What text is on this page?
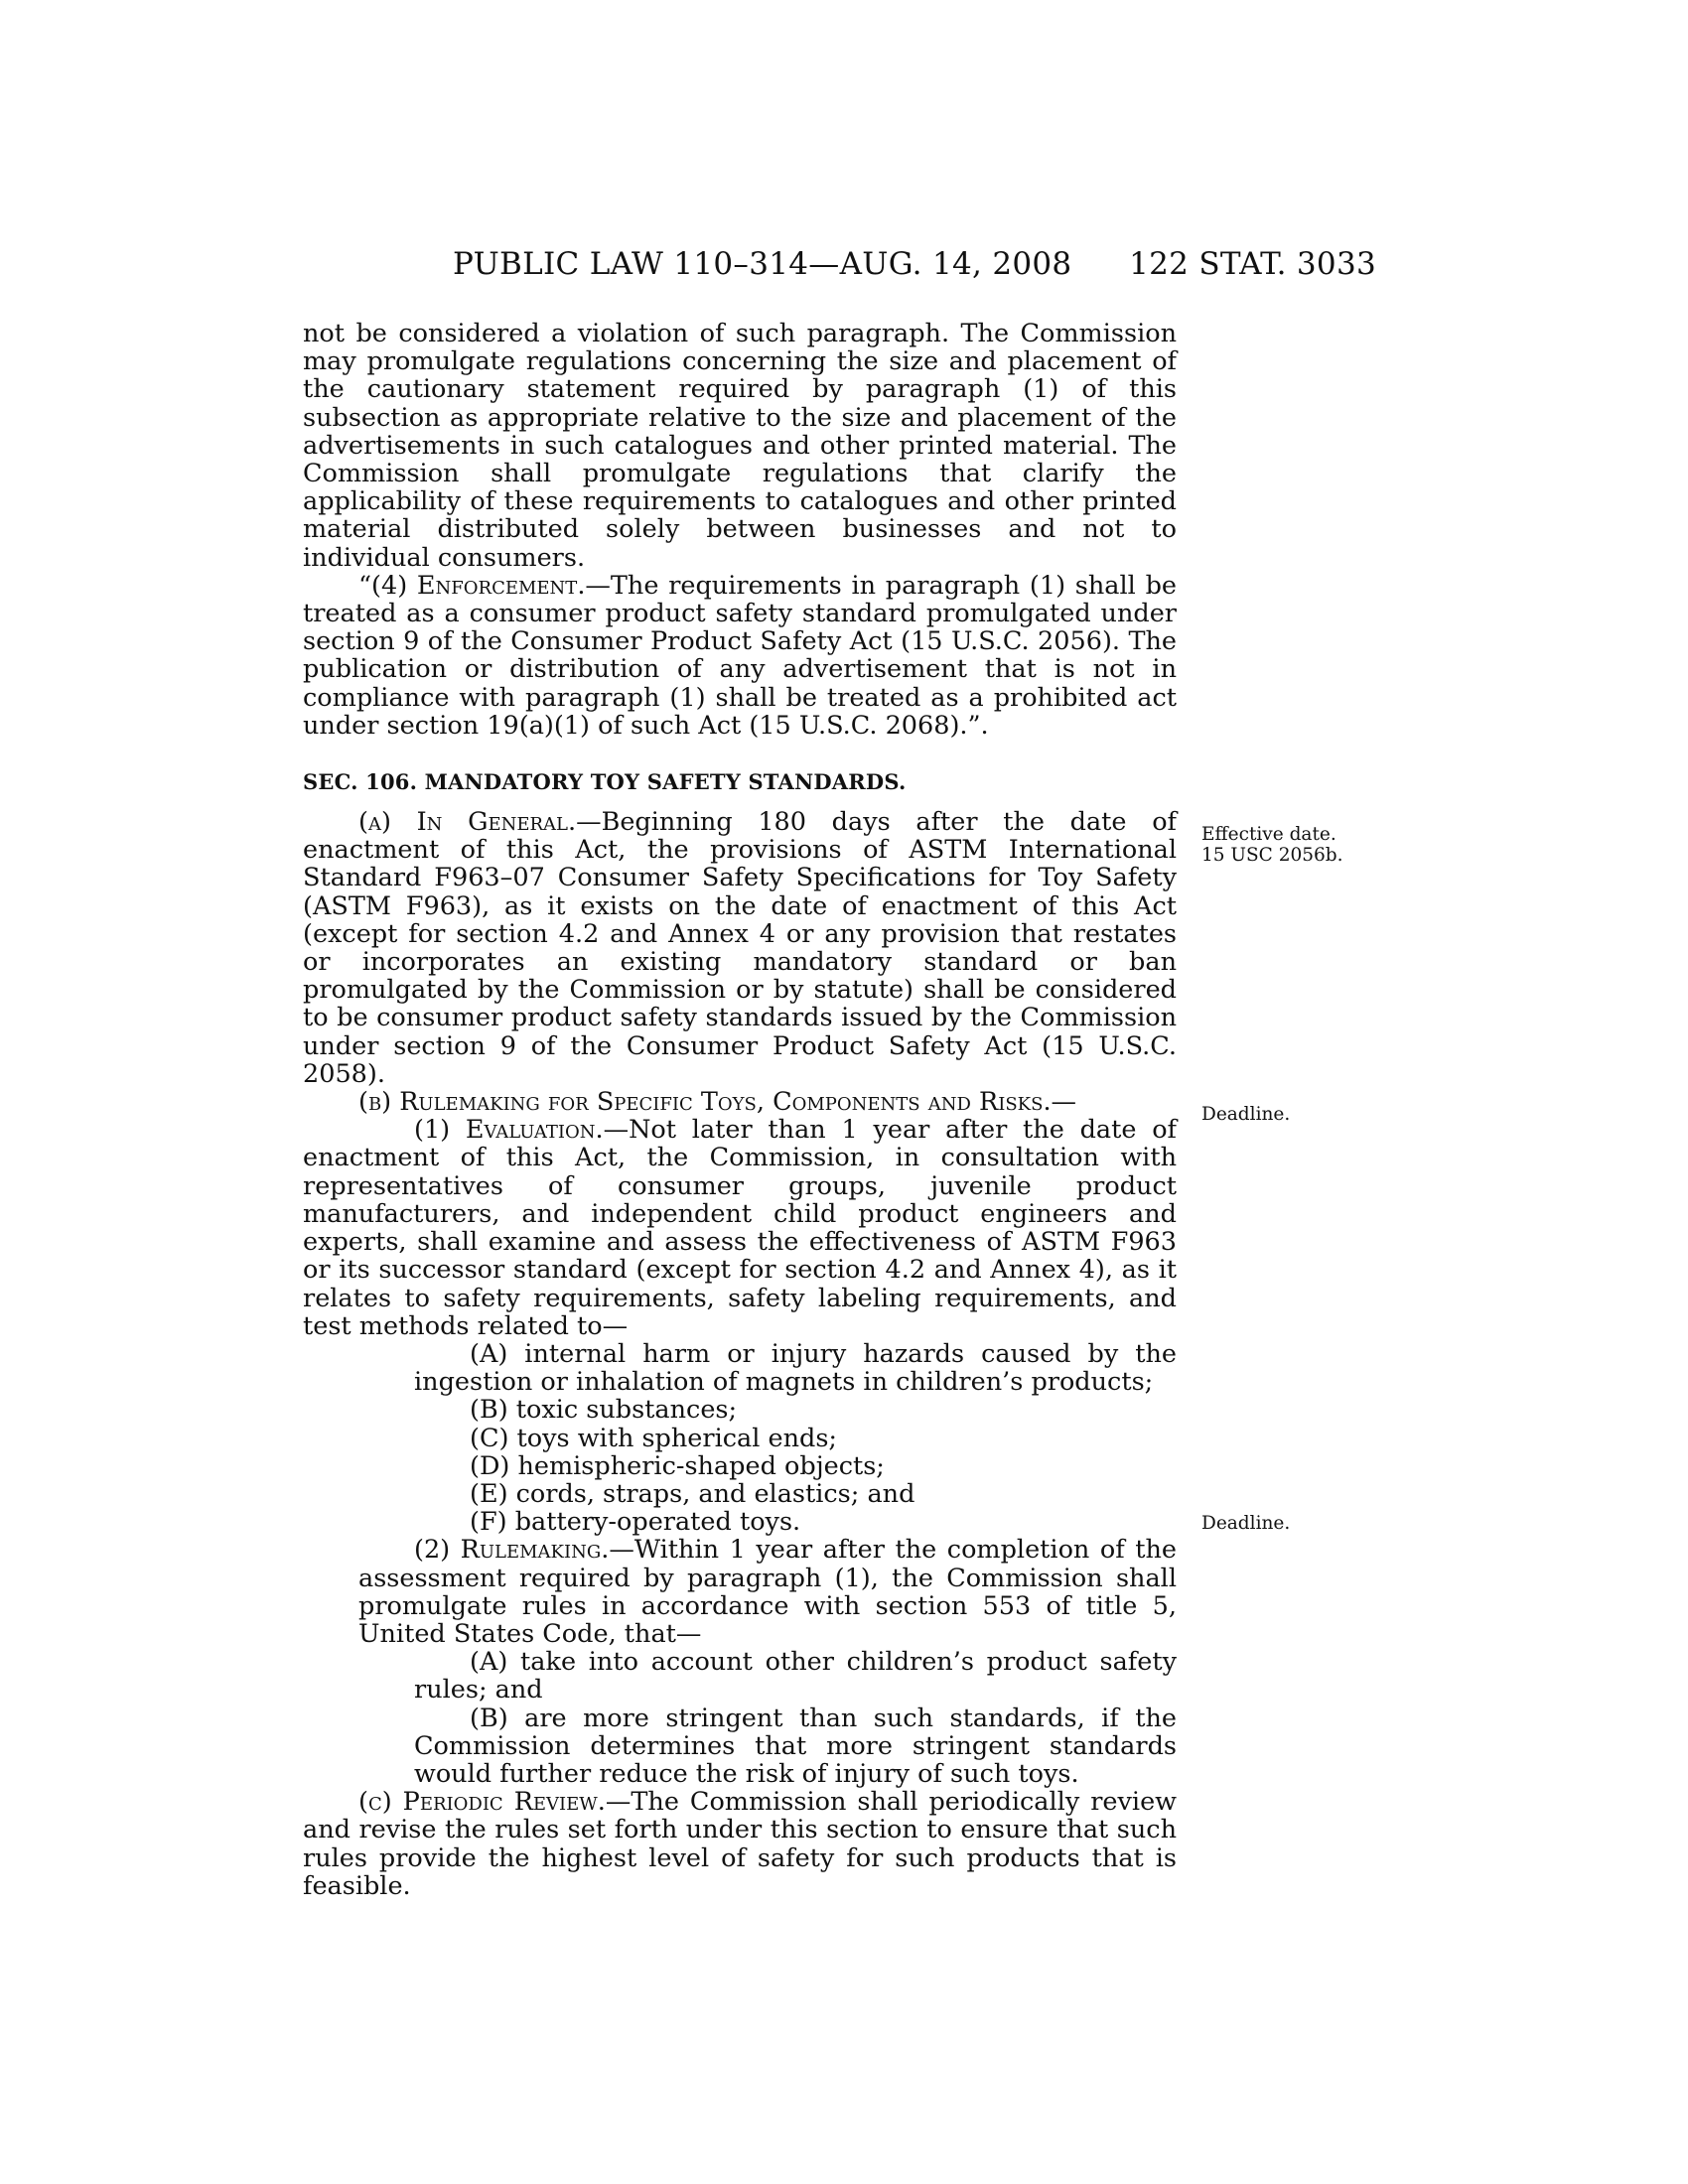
PUBLIC LAW 110–314—AUG. 14, 2008 122 STAT. 3033

not be considered a violation of such paragraph. The Commission may promulgate regulations concerning the size and placement of the cautionary statement required by paragraph (1) of this subsection as appropriate relative to the size and placement of the advertisements in such catalogues and other printed material. The Commission shall promulgate regulations that clarify the applicability of these requirements to catalogues and other printed material distributed solely between businesses and not to individual consumers.

“(4) Enforcement.—The requirements in paragraph (1) shall be treated as a consumer product safety standard promulgated under section 9 of the Consumer Product Safety Act (15 U.S.C. 2056). The publication or distribution of any advertisement that is not in compliance with paragraph (1) shall be treated as a prohibited act under section 19(a)(1) of such Act (15 U.S.C. 2068).”.

SEC. 106. MANDATORY TOY SAFETY STANDARDS.

(a) In General.—Beginning 180 days after the date of enactment of this Act, the provisions of ASTM International Standard F963–07 Consumer Safety Specifications for Toy Safety (ASTM F963), as it exists on the date of enactment of this Act (except for section 4.2 and Annex 4 or any provision that restates or incorporates an existing mandatory standard or ban promulgated by the Commission or by statute) shall be considered to be consumer product safety standards issued by the Commission under section 9 of the Consumer Product Safety Act (15 U.S.C. 2058).

(b) Rulemaking for Specific Toys, Components and Risks.—

(1) Evaluation.—Not later than 1 year after the date of enactment of this Act, the Commission, in consultation with representatives of consumer groups, juvenile product manufacturers, and independent child product engineers and experts, shall examine and assess the effectiveness of ASTM F963 or its successor standard (except for section 4.2 and Annex 4), as it relates to safety requirements, safety labeling requirements, and test methods related to—

(A) internal harm or injury hazards caused by the ingestion or inhalation of magnets in children’s products;

(B) toxic substances;

(C) toys with spherical ends;

(D) hemispheric-shaped objects;

(E) cords, straps, and elastics; and

(F) battery-operated toys.

(2) Rulemaking.—Within 1 year after the completion of the assessment required by paragraph (1), the Commission shall promulgate rules in accordance with section 553 of title 5, United States Code, that—

(A) take into account other children’s product safety rules; and

(B) are more stringent than such standards, if the Commission determines that more stringent standards would further reduce the risk of injury of such toys.

(c) Periodic Review.—The Commission shall periodically review and revise the rules set forth under this section to ensure that such rules provide the highest level of safety for such products that is feasible.

Effective date.
15 USC 2056b.
Deadline.
Deadline.
